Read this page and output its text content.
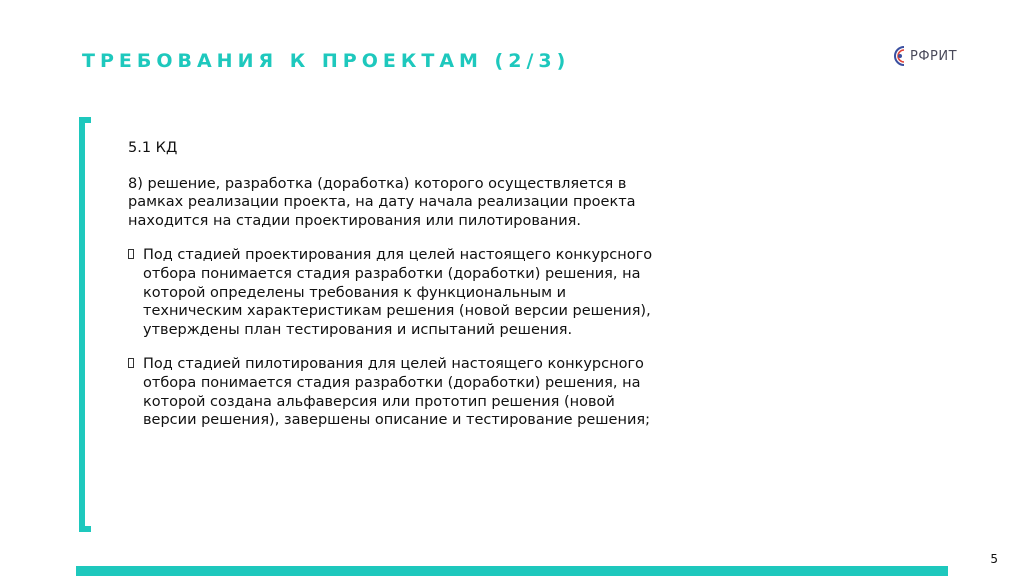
ТРЕБОВАНИЯ К ПРОЕКТАМ (2/3)	РФРИТ

5.1 КД

8) решение, разработка (доработка) которого осуществляется в рамках реализации проекта, на дату начала реализации проекта находится на стадии проектирования или пилотирования.

Под стадией проектирования для целей настоящего конкурсного отбора понимается стадия разработки (доработки) решения, на которой определены требования к функциональным и техническим характеристикам решения (новой версии решения), утверждены план тестирования и испытаний решения.

Под стадией пилотирования для целей настоящего конкурсного отбора понимается стадия разработки (доработки) решения, на которой создана альфаверсия или прототип решения (новой версии решения), завершены описание и тестирование решения;

5
